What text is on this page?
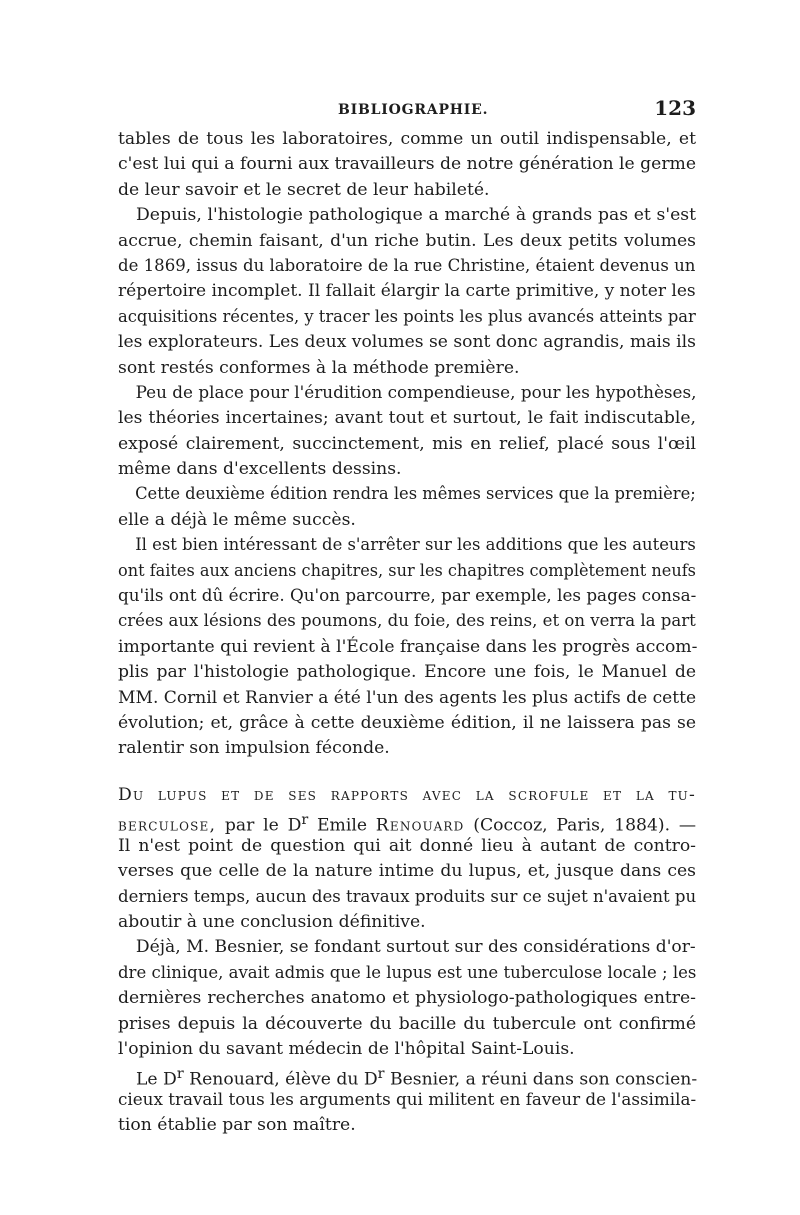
BIBLIOGRAPHIE.	123
tables de tous les laboratoires, comme un outil indispensable, et
c'est lui qui a fourni aux travailleurs de notre génération le germe
de leur savoir et le secret de leur habileté.
Depuis, l'histologie pathologique a marché à grands pas et s'est
accrue, chemin faisant, d'un riche butin. Les deux petits volumes
de 1869, issus du laboratoire de la rue Christine, étaient devenus un
répertoire incomplet. Il fallait élargir la carte primitive, y noter les
acquisitions récentes, y tracer les points les plus avancés atteints par
les explorateurs. Les deux volumes se sont donc agrandis, mais ils
sont restés conformes à la méthode première.
Peu de place pour l'érudition compendieuse, pour les hypothèses,
les théories incertaines; avant tout et surtout, le fait indiscutable,
exposé clairement, succinctement, mis en relief, placé sous l'œil
même dans d'excellents dessins.
Cette deuxième édition rendra les mêmes services que la première;
elle a déjà le même succès.
Il est bien intéressant de s'arrêter sur les additions que les auteurs
ont faites aux anciens chapitres, sur les chapitres complètement neufs
qu'ils ont dû écrire. Qu'on parcourre, par exemple, les pages consa-
crées aux lésions des poumons, du foie, des reins, et on verra la part
importante qui revient à l'École française dans les progrès accom-
plis par l'histologie pathologique. Encore une fois, le Manuel de
MM. Cornil et Ranvier a été l'un des agents les plus actifs de cette
évolution; et, grâce à cette deuxième édition, il ne laissera pas se
ralentir son impulsion féconde.
Du lupus et de ses rapports avec la scrofule et la tu-
berculose, par le $D^r$ Emile Renouard (Coccoz, Paris, 1884). —
Il n'est point de question qui ait donné lieu à autant de contro-
verses que celle de la nature intime du lupus, et, jusque dans ces
derniers temps, aucun des travaux produits sur ce sujet n'avaient pu
aboutir à une conclusion définitive.
Déjà, M. Besnier, se fondant surtout sur des considérations d'or-
dre clinique, avait admis que le lupus est une tuberculose locale ; les
dernières recherches anatomo et physiologo-pathologiques entre-
prises depuis la découverte du bacille du tubercule ont confirmé
l'opinion du savant médecin de l'hôpital Saint-Louis.
Le $D^r$ Renouard, élève du $D^r$ Besnier, a réuni dans son conscien-
cieux travail tous les arguments qui militent en faveur de l'assimila-
tion établie par son maître.
